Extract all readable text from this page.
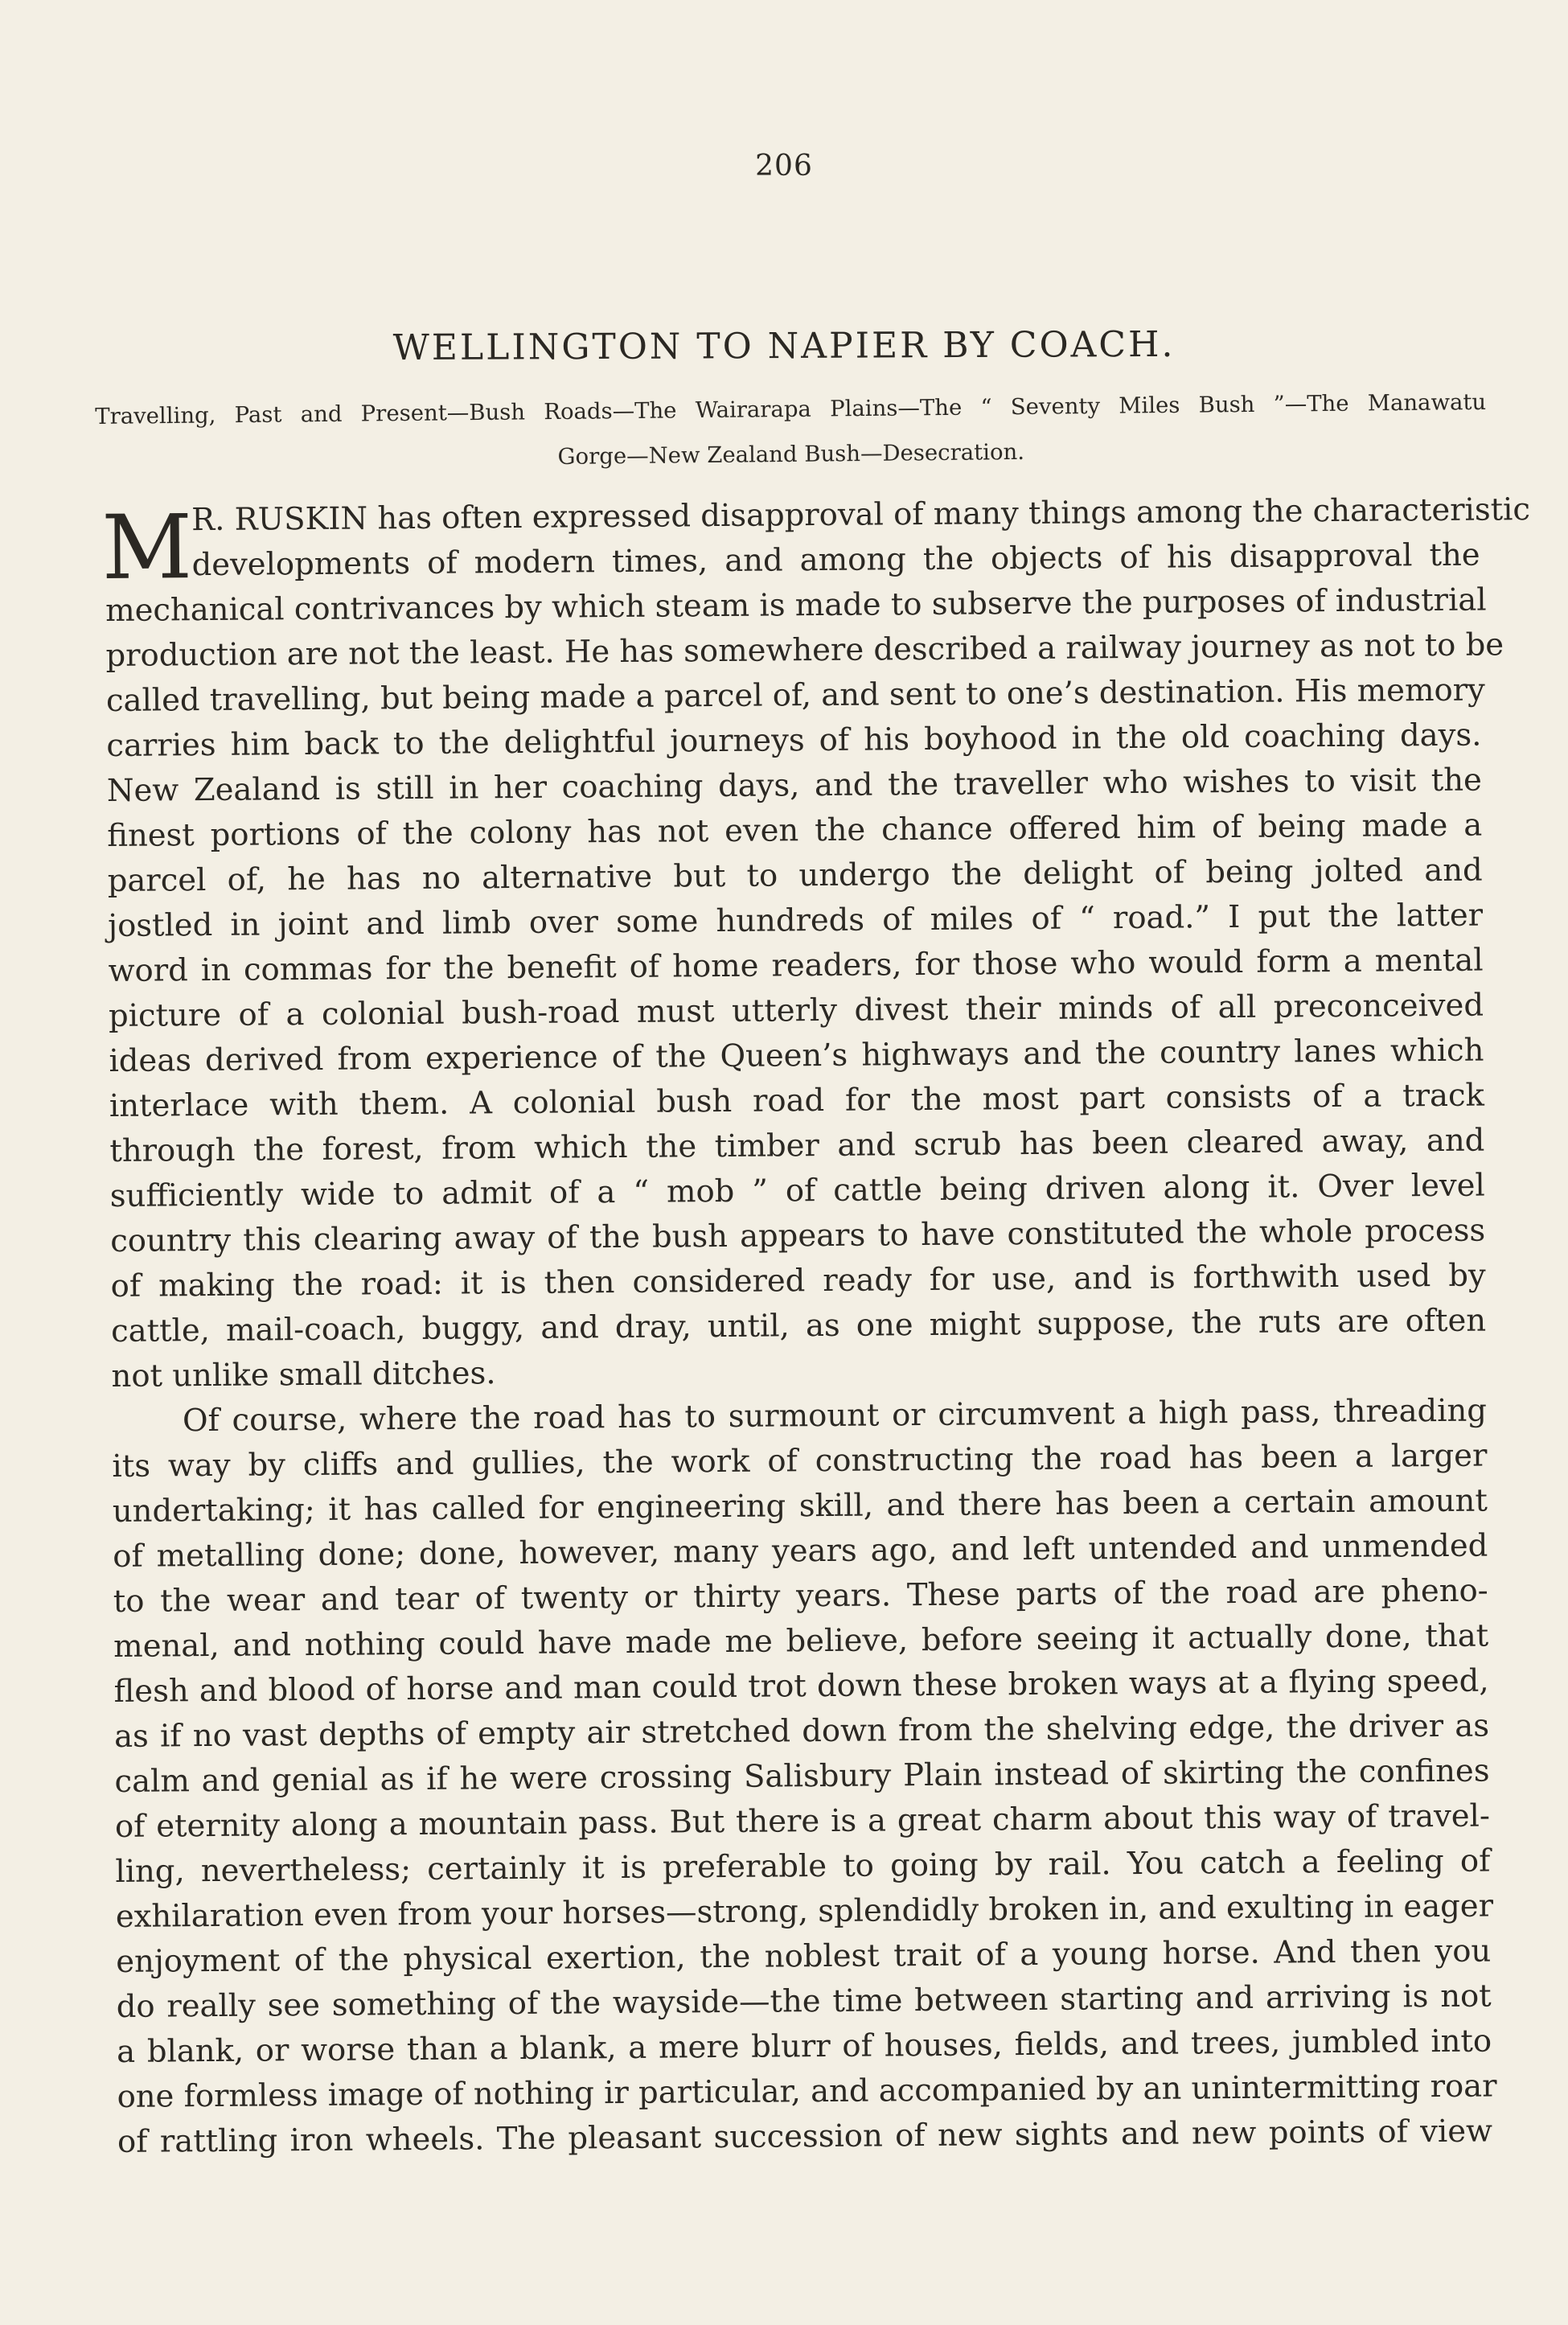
206
WELLINGTON TO NAPIER BY COACH.
Travelling, Past and Present—Bush Roads—The Wairarapa Plains—The “ Seventy Miles Bush ”—The Manawatu
Gorge—New Zealand Bush—Desecration.
M
R. RUSKIN has often expressed disapproval of many things among the characteristic
developments of modern times, and among the objects of his disapproval the
mechanical contrivances by which steam is made to subserve the purposes of industrial
production are not the least. He has somewhere described a railway journey as not to be
called travelling, but being made a parcel of, and sent to one’s destination. His memory
carries him back to the delightful journeys of his boyhood in the old coaching days.
New Zealand is still in her coaching days, and the traveller who wishes to visit the
finest portions of the colony has not even the chance offered him of being made a
parcel of, he has no alternative but to undergo the delight of being jolted and
jostled in joint and limb over some hundreds of miles of “ road.” I put the latter
word in commas for the benefit of home readers, for those who would form a mental
picture of a colonial bush-road must utterly divest their minds of all preconceived
ideas derived from experience of the Queen’s highways and the country lanes which
interlace with them. A colonial bush road for the most part consists of a track
through the forest, from which the timber and scrub has been cleared away, and
sufficiently wide to admit of a “ mob ” of cattle being driven along it. Over level
country this clearing away of the bush appears to have constituted the whole process
of making the road: it is then considered ready for use, and is forthwith used by
cattle, mail-coach, buggy, and dray, until, as one might suppose, the ruts are often
not unlike small ditches.
Of course, where the road has to surmount or circumvent a high pass, threading
its way by cliffs and gullies, the work of constructing the road has been a larger
undertaking; it has called for engineering skill, and there has been a certain amount
of metalling done; done, however, many years ago, and left untended and unmended
to the wear and tear of twenty or thirty years. These parts of the road are pheno-
menal, and nothing could have made me believe, before seeing it actually done, that
flesh and blood of horse and man could trot down these broken ways at a flying speed,
as if no vast depths of empty air stretched down from the shelving edge, the driver as
calm and genial as if he were crossing Salisbury Plain instead of skirting the confines
of eternity along a mountain pass. But there is a great charm about this way of travel-
ling, nevertheless; certainly it is preferable to going by rail. You catch a feeling of
exhilaration even from your horses—strong, splendidly broken in, and exulting in eager
enjoyment of the physical exertion, the noblest trait of a young horse. And then you
do really see something of the wayside—the time between starting and arriving is not
a blank, or worse than a blank, a mere blurr of houses, fields, and trees, jumbled into
one formless image of nothing ir particular, and accompanied by an unintermitting roar
of rattling iron wheels. The pleasant succession of new sights and new points of view
